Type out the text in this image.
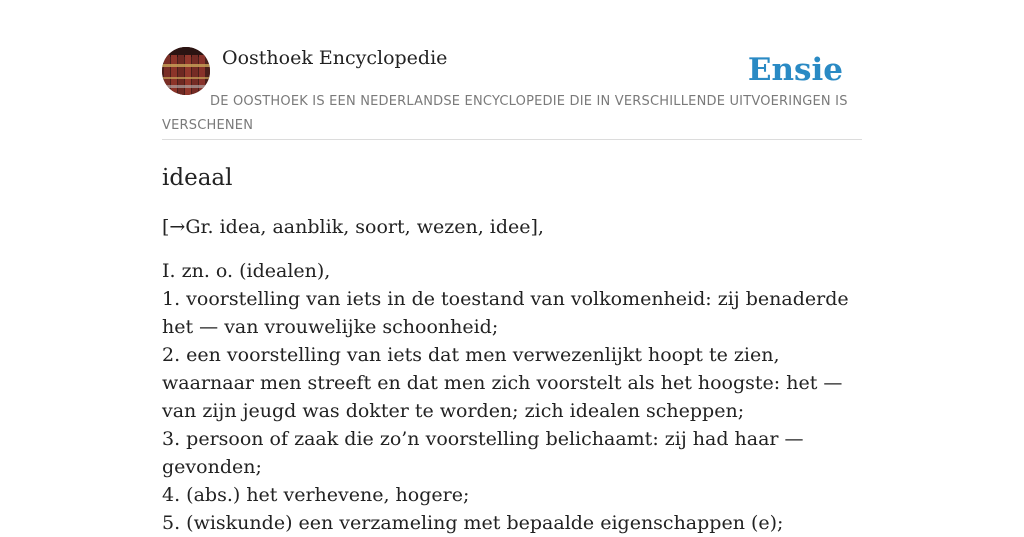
Oosthoek Encyclopedie	Ensie
DE OOSTHOEK IS EEN NEDERLANDSE ENCYCLOPEDIE DIE IN VERSCHILLENDE UITVOERINGEN IS VERSCHENEN
ideaal

[→Gr. idea, aanblik, soort, wezen, idee],

I. zn. o. (idealen),
1. voorstelling van iets in de toestand van volkomenheid: zij benaderde het — van vrouwelijke schoonheid;
2. een voorstelling van iets dat men verwezenlijkt hoopt te zien, waarnaar men streeft en dat men zich voorstelt als het hoogste: het — van zijn jeugd was dokter te worden; zich idealen scheppen;
3. persoon of zaak die zo’n voorstelling belichaamt: zij had haar — gevonden;
4. (abs.) het verhevene, hogere;
5. (wiskunde) een verzameling met bepaalde eigenschappen (e);
